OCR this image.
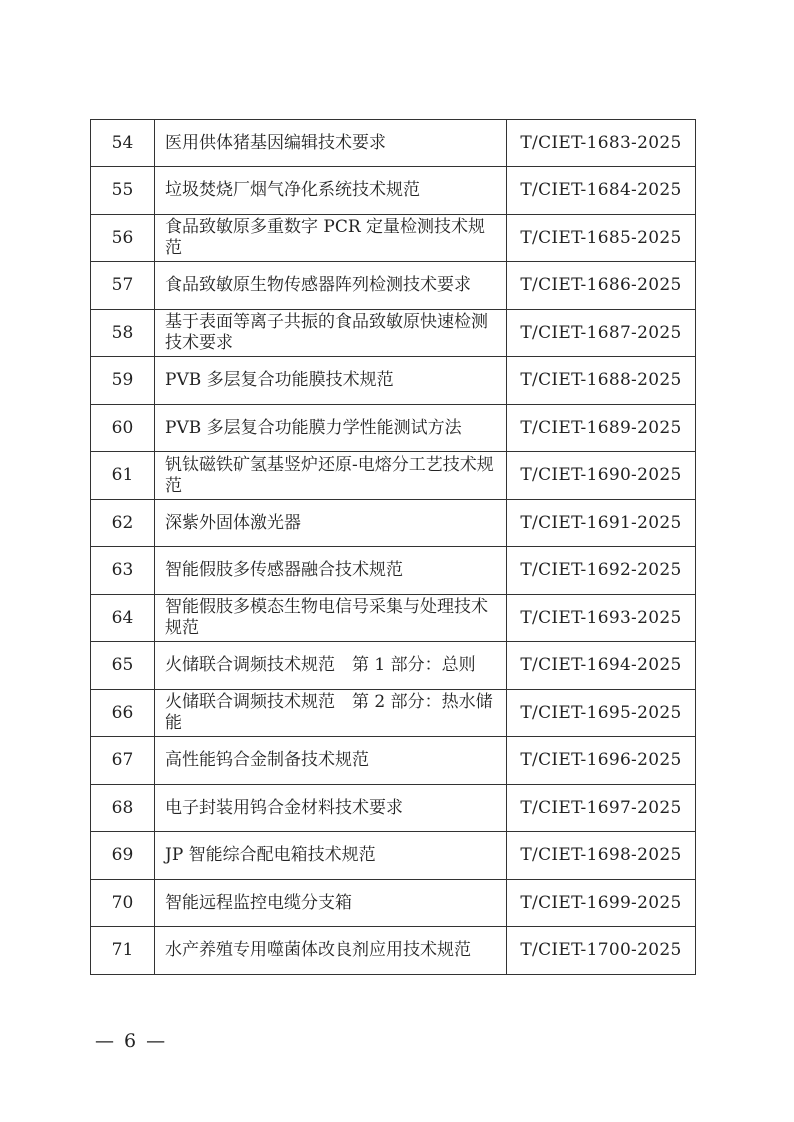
54	医用供体猪基因编辑技术要求	T/CIET-1683-2025
55	垃圾焚烧厂烟气净化系统技术规范	T/CIET-1684-2025
56	食品致敏原多重数字 PCR 定量检测技术规范	T/CIET-1685-2025
57	食品致敏原生物传感器阵列检测技术要求	T/CIET-1686-2025
58	基于表面等离子共振的食品致敏原快速检测技术要求	T/CIET-1687-2025
59	PVB 多层复合功能膜技术规范	T/CIET-1688-2025
60	PVB 多层复合功能膜力学性能测试方法	T/CIET-1689-2025
61	钒钛磁铁矿氢基竖炉还原-电熔分工艺技术规范	T/CIET-1690-2025
62	深紫外固体激光器	T/CIET-1691-2025
63	智能假肢多传感器融合技术规范	T/CIET-1692-2025
64	智能假肢多模态生物电信号采集与处理技术规范	T/CIET-1693-2025
65	火储联合调频技术规范　第 1 部分：总则	T/CIET-1694-2025
66	火储联合调频技术规范　第 2 部分：热水储能	T/CIET-1695-2025
67	高性能钨合金制备技术规范	T/CIET-1696-2025
68	电子封装用钨合金材料技术要求	T/CIET-1697-2025
69	JP 智能综合配电箱技术规范	T/CIET-1698-2025
70	智能远程监控电缆分支箱	T/CIET-1699-2025
71	水产养殖专用噬菌体改良剂应用技术规范	T/CIET-1700-2025
— 6 —
